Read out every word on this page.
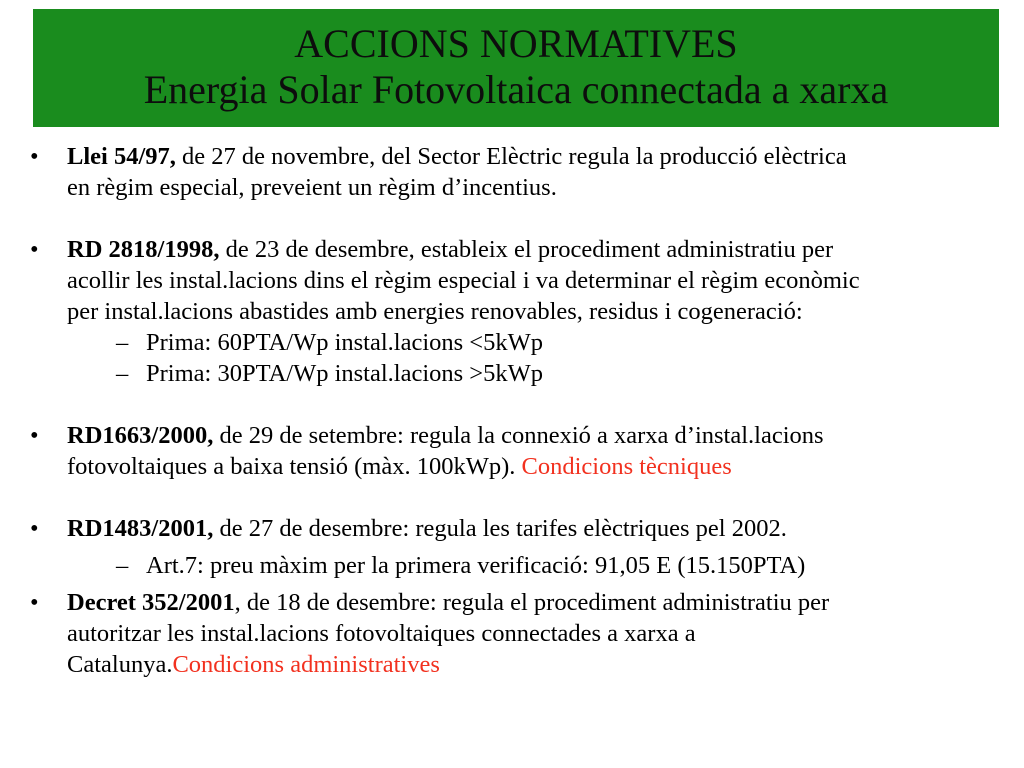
ACCIONS NORMATIVES
Energia Solar Fotovoltaica connectada a xarxa
•	Llei 54/97, de 27 de novembre, del Sector Elèctric regula la producció elèctrica
en règim especial, preveient un règim d’incentius.
•	RD 2818/1998, de 23 de desembre, estableix el procediment administratiu per
acollir les instal.lacions dins el règim especial i va determinar el règim econòmic
per instal.lacions abastides amb energies renovables, residus i cogeneració:
– Prima: 60PTA/Wp instal.lacions <5kWp
– Prima: 30PTA/Wp instal.lacions >5kWp
•	RD1663/2000, de 29 de setembre: regula la connexió a xarxa d’instal.lacions
fotovoltaiques a baixa tensió (màx. 100kWp). Condicions tècniques
•	RD1483/2001, de 27 de desembre: regula les tarifes elèctriques pel 2002.
– Art.7: preu màxim per la primera verificació: 91,05 E (15.150PTA)
•	Decret 352/2001, de 18 de desembre: regula el procediment administratiu per
autoritzar les instal.lacions fotovoltaiques connectades a xarxa a
Catalunya.Condicions administratives
